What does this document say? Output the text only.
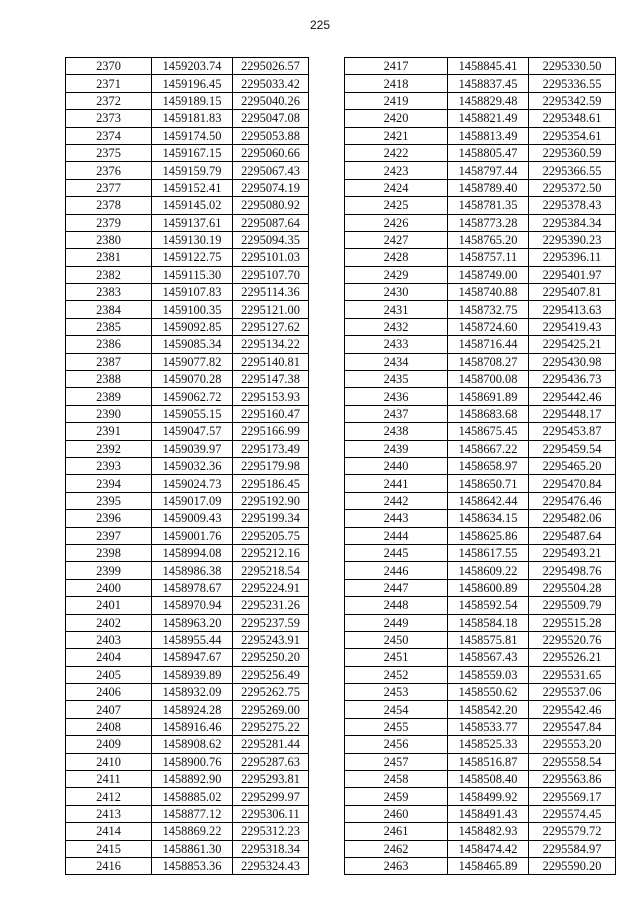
225
2370	1459203.74	2295026.57
2371	1459196.45	2295033.42
2372	1459189.15	2295040.26
2373	1459181.83	2295047.08
2374	1459174.50	2295053.88
2375	1459167.15	2295060.66
2376	1459159.79	2295067.43
2377	1459152.41	2295074.19
2378	1459145.02	2295080.92
2379	1459137.61	2295087.64
2380	1459130.19	2295094.35
2381	1459122.75	2295101.03
2382	1459115.30	2295107.70
2383	1459107.83	2295114.36
2384	1459100.35	2295121.00
2385	1459092.85	2295127.62
2386	1459085.34	2295134.22
2387	1459077.82	2295140.81
2388	1459070.28	2295147.38
2389	1459062.72	2295153.93
2390	1459055.15	2295160.47
2391	1459047.57	2295166.99
2392	1459039.97	2295173.49
2393	1459032.36	2295179.98
2394	1459024.73	2295186.45
2395	1459017.09	2295192.90
2396	1459009.43	2295199.34
2397	1459001.76	2295205.75
2398	1458994.08	2295212.16
2399	1458986.38	2295218.54
2400	1458978.67	2295224.91
2401	1458970.94	2295231.26
2402	1458963.20	2295237.59
2403	1458955.44	2295243.91
2404	1458947.67	2295250.20
2405	1458939.89	2295256.49
2406	1458932.09	2295262.75
2407	1458924.28	2295269.00
2408	1458916.46	2295275.22
2409	1458908.62	2295281.44
2410	1458900.76	2295287.63
2411	1458892.90	2295293.81
2412	1458885.02	2295299.97
2413	1458877.12	2295306.11
2414	1458869.22	2295312.23
2415	1458861.30	2295318.34
2416	1458853.36	2295324.43
2417	1458845.41	2295330.50
2418	1458837.45	2295336.55
2419	1458829.48	2295342.59
2420	1458821.49	2295348.61
2421	1458813.49	2295354.61
2422	1458805.47	2295360.59
2423	1458797.44	2295366.55
2424	1458789.40	2295372.50
2425	1458781.35	2295378.43
2426	1458773.28	2295384.34
2427	1458765.20	2295390.23
2428	1458757.11	2295396.11
2429	1458749.00	2295401.97
2430	1458740.88	2295407.81
2431	1458732.75	2295413.63
2432	1458724.60	2295419.43
2433	1458716.44	2295425.21
2434	1458708.27	2295430.98
2435	1458700.08	2295436.73
2436	1458691.89	2295442.46
2437	1458683.68	2295448.17
2438	1458675.45	2295453.87
2439	1458667.22	2295459.54
2440	1458658.97	2295465.20
2441	1458650.71	2295470.84
2442	1458642.44	2295476.46
2443	1458634.15	2295482.06
2444	1458625.86	2295487.64
2445	1458617.55	2295493.21
2446	1458609.22	2295498.76
2447	1458600.89	2295504.28
2448	1458592.54	2295509.79
2449	1458584.18	2295515.28
2450	1458575.81	2295520.76
2451	1458567.43	2295526.21
2452	1458559.03	2295531.65
2453	1458550.62	2295537.06
2454	1458542.20	2295542.46
2455	1458533.77	2295547.84
2456	1458525.33	2295553.20
2457	1458516.87	2295558.54
2458	1458508.40	2295563.86
2459	1458499.92	2295569.17
2460	1458491.43	2295574.45
2461	1458482.93	2295579.72
2462	1458474.42	2295584.97
2463	1458465.89	2295590.20
